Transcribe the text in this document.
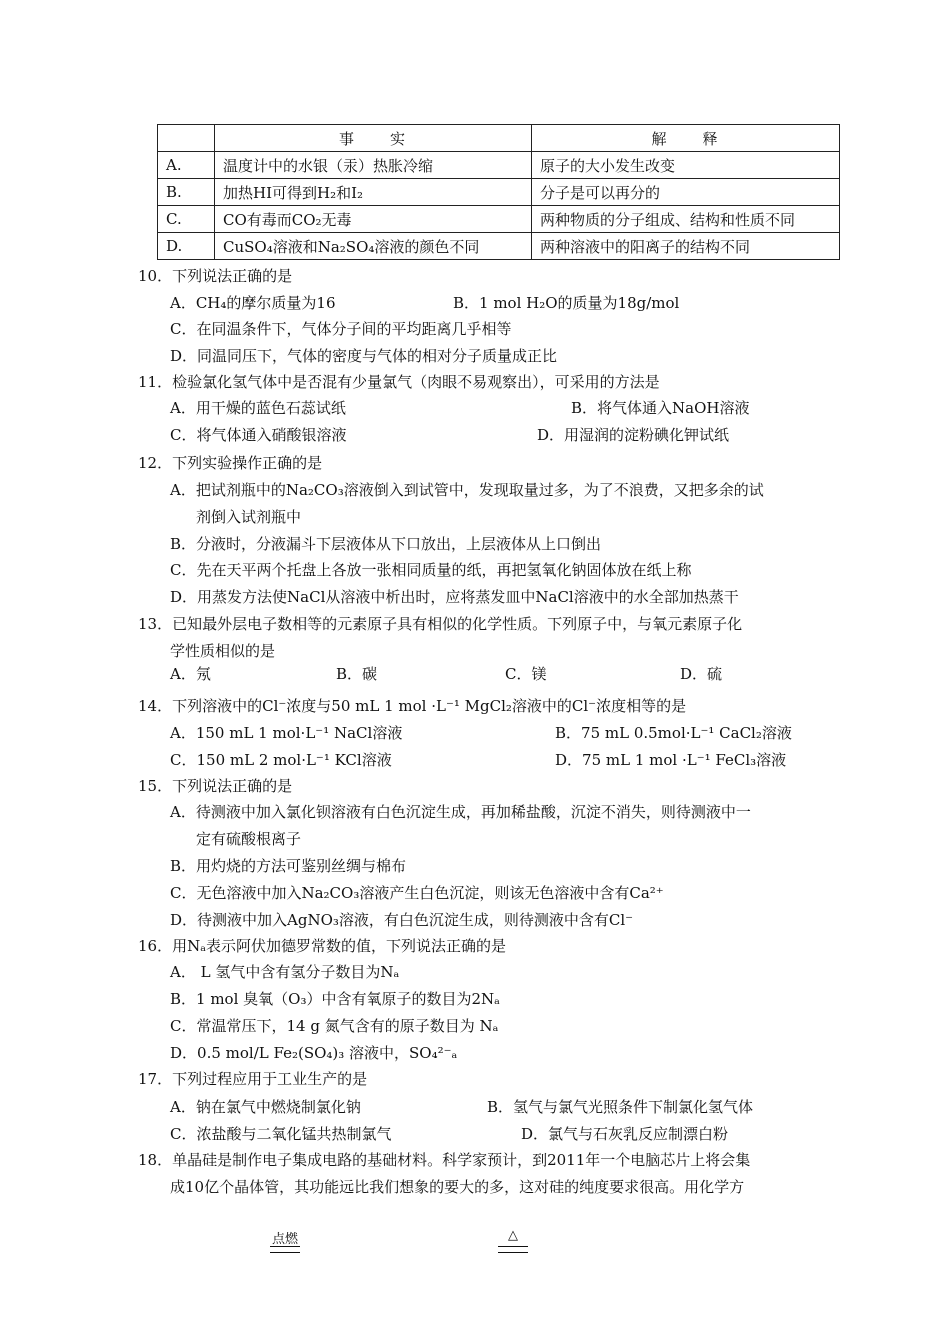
	事　　实	解　　释
A.	温度计中的水银（汞）热胀冷缩	原子的大小发生改变
B.	加热HI可得到H₂和I₂	分子是可以再分的
C.	CO有毒而CO₂无毒	两种物质的分子组成、结构和性质不同
D.	CuSO₄溶液和Na₂SO₄溶液的颜色不同	两种溶液中的阳离子的结构不同
10．下列说法正确的是
A．CH₄的摩尔质量为16	B．1 mol H₂O的质量为18g/mol
C．在同温条件下，气体分子间的平均距离几乎相等
D．同温同压下，气体的密度与气体的相对分子质量成正比
11．检验氯化氢气体中是否混有少量氯气（肉眼不易观察出），可采用的方法是
A．用干燥的蓝色石蕊试纸	B．将气体通入NaOH溶液
C．将气体通入硝酸银溶液	D．用湿润的淀粉碘化钾试纸
12．下列实验操作正确的是
A．把试剂瓶中的Na₂CO₃溶液倒入到试管中，发现取量过多，为了不浪费，又把多余的试
剂倒入试剂瓶中
B．分液时，分液漏斗下层液体从下口放出，上层液体从上口倒出
C．先在天平两个托盘上各放一张相同质量的纸，再把氢氧化钠固体放在纸上称
D．用蒸发方法使NaCl从溶液中析出时，应将蒸发皿中NaCl溶液中的水全部加热蒸干
13．已知最外层电子数相等的元素原子具有相似的化学性质。下列原子中，与氧元素原子化
学性质相似的是
A．氖	B．碳	C．镁	D．硫
14．下列溶液中的Cl⁻浓度与50 mL 1 mol ·L⁻¹ MgCl₂溶液中的Cl⁻浓度相等的是
A．150 mL 1 mol·L⁻¹ NaCl溶液	B．75 mL 0.5mol·L⁻¹ CaCl₂溶液
C．150 mL 2 mol·L⁻¹ KCl溶液	D．75 mL 1 mol ·L⁻¹ FeCl₃溶液
15．下列说法正确的是
A．待测液中加入氯化钡溶液有白色沉淀生成，再加稀盐酸，沉淀不消失，则待测液中一
定有硫酸根离子
B．用灼烧的方法可鉴别丝绸与棉布
C．无色溶液中加入Na₂CO₃溶液产生白色沉淀，则该无色溶液中含有Ca²⁺
D．待测液中加入AgNO₃溶液，有白色沉淀生成，则待测液中含有Cl⁻
16．用Nₐ表示阿伏加德罗常数的值，下列说法正确的是
A． L 氢气中含有氢分子数目为Nₐ
B．1 mol 臭氧（O₃）中含有氧原子的数目为2Nₐ
C．常温常压下，14 g 氮气含有的原子数目为 Nₐ
D．0.5 mol/L Fe₂(SO₄)₃ 溶液中，SO₄²⁻ₐ
17．下列过程应用于工业生产的是
A．钠在氯气中燃烧制氯化钠	B．氢气与氯气光照条件下制氯化氢气体
C．浓盐酸与二氧化锰共热制氯气	D．氯气与石灰乳反应制漂白粉
18．单晶硅是制作电子集成电路的基础材料。科学家预计，到2011年一个电脑芯片上将会集
成10亿个晶体管，其功能远比我们想象的要大的多，这对硅的纯度要求很高。用化学方
点燃	△
